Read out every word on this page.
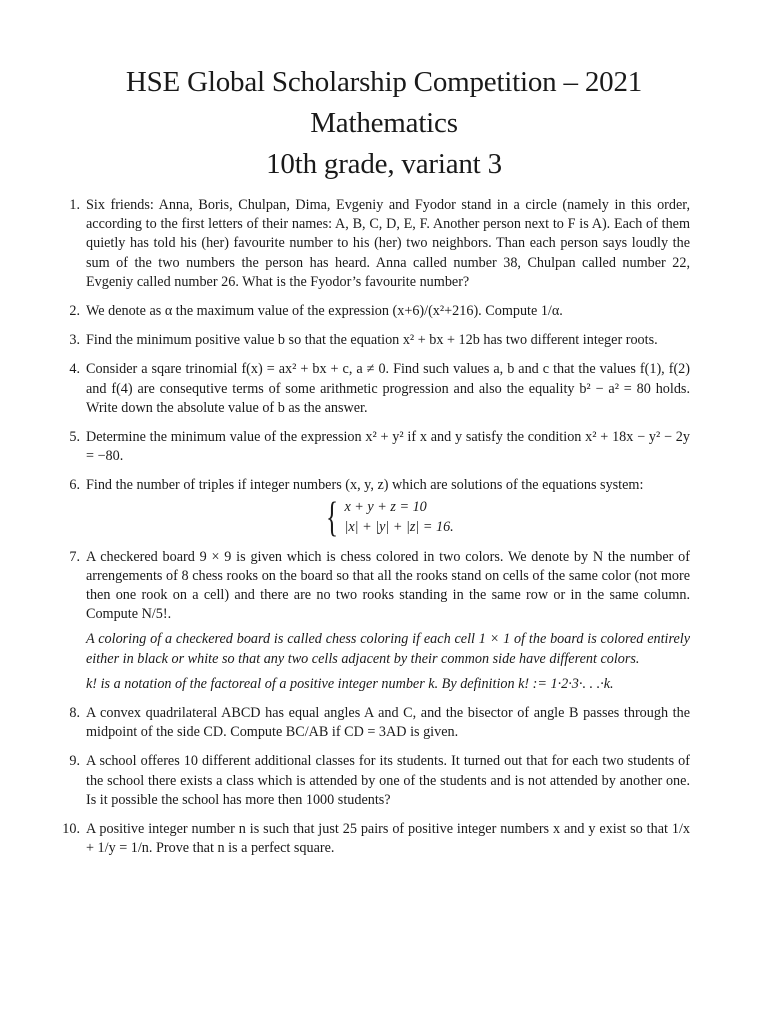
HSE Global Scholarship Competition – 2021
Mathematics
10th grade, variant 3
1. Six friends: Anna, Boris, Chulpan, Dima, Evgeniy and Fyodor stand in a circle (namely in this order, according to the first letters of their names: A, B, C, D, E, F. Another person next to F is A). Each of them quietly has told his (her) favourite number to his (her) two neighbors. Than each person says loudly the sum of the two numbers the person has heard. Anna called number 38, Chulpan called number 22, Evgeniy called number 26. What is the Fyodor’s favourite number?
2. We denote as α the maximum value of the expression (x+6)/(x²+216). Compute 1/α.
3. Find the minimum positive value b so that the equation x² + bx + 12b has two different integer roots.
4. Consider a sqare trinomial f(x) = ax² + bx + c, a ≠ 0. Find such values a, b and c that the values f(1), f(2) and f(4) are consequtive terms of some arithmetic progression and also the equality b² − a² = 80 holds. Write down the absolute value of b as the answer.
5. Determine the minimum value of the expression x² + y² if x and y satisfy the condition x² + 18x − y² − 2y = −80.
6. Find the number of triples if integer numbers (x, y, z) which are solutions of the equations system:
{ x + y + z = 10
|x| + |y| + |z| = 16.
7. A checkered board 9 × 9 is given which is chess colored in two colors. We denote by N the number of arrengements of 8 chess rooks on the board so that all the rooks stand on cells of the same color (not more then one rook on a cell) and there are no two rooks standing in the same row or in the same column. Compute N/5!.
A coloring of a checkered board is called chess coloring if each cell 1 × 1 of the board is colored entirely either in black or white so that any two cells adjacent by their common side have different colors.
k! is a notation of the factoreal of a positive integer number k. By definition k! := 1·2·3·. . .·k.
8. A convex quadrilateral ABCD has equal angles A and C, and the bisector of angle B passes through the midpoint of the side CD. Compute BC/AB if CD = 3AD is given.
9. A school offeres 10 different additional classes for its students. It turned out that for each two students of the school there exists a class which is attended by one of the students and is not attended by another one. Is it possible the school has more then 1000 students?
10. A positive integer number n is such that just 25 pairs of positive integer numbers x and y exist so that 1/x + 1/y = 1/n. Prove that n is a perfect square.
